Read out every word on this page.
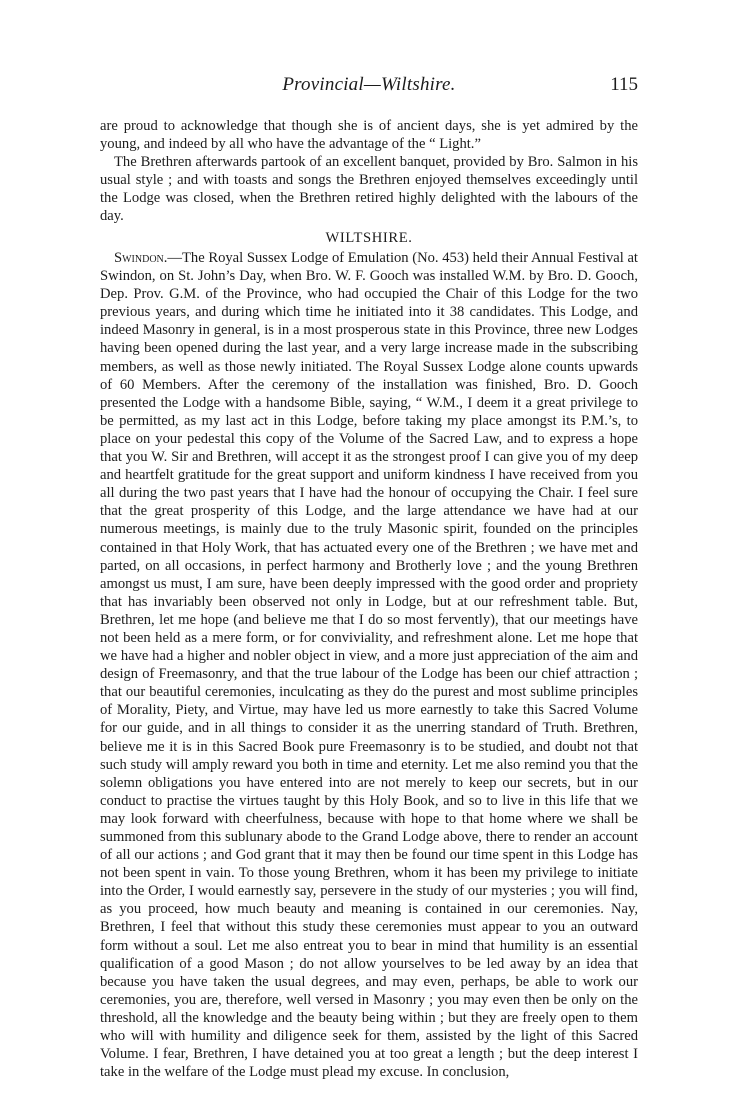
Provincial—Wiltshire.	115

are proud to acknowledge that though she is of ancient days, she is yet admired by the young, and indeed by all who have the advantage of the “ Light.”

The Brethren afterwards partook of an excellent banquet, provided by Bro. Salmon in his usual style ; and with toasts and songs the Brethren enjoyed themselves exceedingly until the Lodge was closed, when the Brethren retired highly delighted with the labours of the day.

WILTSHIRE.

Swindon.—The Royal Sussex Lodge of Emulation (No. 453) held their Annual Festival at Swindon, on St. John’s Day, when Bro. W. F. Gooch was installed W.M. by Bro. D. Gooch, Dep. Prov. G.M. of the Province, who had occupied the Chair of this Lodge for the two previous years, and during which time he initiated into it 38 candidates. This Lodge, and indeed Masonry in general, is in a most prosperous state in this Province, three new Lodges having been opened during the last year, and a very large increase made in the subscribing members, as well as those newly initiated. The Royal Sussex Lodge alone counts upwards of 60 Members. After the ceremony of the installation was finished, Bro. D. Gooch presented the Lodge with a handsome Bible, saying, “ W.M., I deem it a great privilege to be permitted, as my last act in this Lodge, before taking my place amongst its P.M.’s, to place on your pedestal this copy of the Volume of the Sacred Law, and to express a hope that you W. Sir and Brethren, will accept it as the strongest proof I can give you of my deep and heartfelt gratitude for the great support and uniform kindness I have received from you all during the two past years that I have had the honour of occupying the Chair. I feel sure that the great prosperity of this Lodge, and the large attendance we have had at our numerous meetings, is mainly due to the truly Masonic spirit, founded on the principles contained in that Holy Work, that has actuated every one of the Brethren ; we have met and parted, on all occasions, in perfect harmony and Brotherly love ; and the young Brethren amongst us must, I am sure, have been deeply impressed with the good order and propriety that has invariably been observed not only in Lodge, but at our refreshment table. But, Brethren, let me hope (and believe me that I do so most fervently), that our meetings have not been held as a mere form, or for conviviality, and refreshment alone. Let me hope that we have had a higher and nobler object in view, and a more just appreciation of the aim and design of Freemasonry, and that the true labour of the Lodge has been our chief attraction ; that our beautiful ceremonies, inculcating as they do the purest and most sublime principles of Morality, Piety, and Virtue, may have led us more earnestly to take this Sacred Volume for our guide, and in all things to consider it as the unerring standard of Truth. Brethren, believe me it is in this Sacred Book pure Freemasonry is to be studied, and doubt not that such study will amply reward you both in time and eternity. Let me also remind you that the solemn obligations you have entered into are not merely to keep our secrets, but in our conduct to practise the virtues taught by this Holy Book, and so to live in this life that we may look forward with cheerfulness, because with hope to that home where we shall be summoned from this sublunary abode to the Grand Lodge above, there to render an account of all our actions ; and God grant that it may then be found our time spent in this Lodge has not been spent in vain. To those young Brethren, whom it has been my privilege to initiate into the Order, I would earnestly say, persevere in the study of our mysteries ; you will find, as you proceed, how much beauty and meaning is contained in our ceremonies. Nay, Brethren, I feel that without this study these ceremonies must appear to you an outward form without a soul. Let me also entreat you to bear in mind that humility is an essential qualification of a good Mason ; do not allow yourselves to be led away by an idea that because you have taken the usual degrees, and may even, perhaps, be able to work our ceremonies, you are, therefore, well versed in Masonry ; you may even then be only on the threshold, all the knowledge and the beauty being within ; but they are freely open to them who will with humility and diligence seek for them, assisted by the light of this Sacred Volume. I fear, Brethren, I have detained you at too great a length ; but the deep interest I take in the welfare of the Lodge must plead my excuse. In conclusion,
